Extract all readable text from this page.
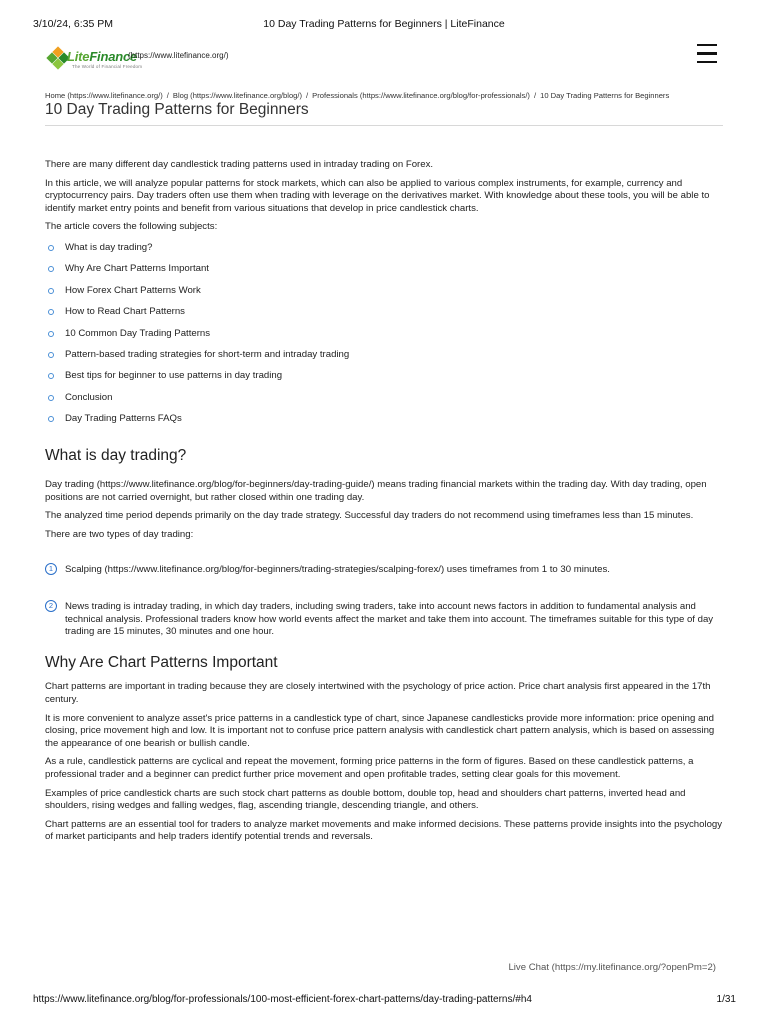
3/10/24, 6:35 PM	10 Day Trading Patterns for Beginners | LiteFinance
LiteFinance
The World of Financial Freedom
(https://www.litefinance.org/)
Home (https://www.litefinance.org/) / Blog (https://www.litefinance.org/blog/) / Professionals (https://www.litefinance.org/blog/for-professionals/) / 10 Day Trading Patterns for Beginners
10 Day Trading Patterns for Beginners

There are many different day candlestick trading patterns used in intraday trading on Forex.

In this article, we will analyze popular patterns for stock markets, which can also be applied to various complex instruments, for example, currency and cryptocurrency pairs. Day traders often use them when trading with leverage on the derivatives market. With knowledge about these tools, you will be able to identify market entry points and benefit from various situations that develop in price candlestick charts.

The article covers the following subjects:

What is day trading?
Why Are Chart Patterns Important
How Forex Chart Patterns Work
How to Read Chart Patterns
10 Common Day Trading Patterns
Pattern-based trading strategies for short-term and intraday trading
Best tips for beginner to use patterns in day trading
Conclusion
Day Trading Patterns FAQs
What is day trading?

Day trading (https://www.litefinance.org/blog/for-beginners/day-trading-guide/) means trading financial markets within the trading day. With day trading, open positions are not carried overnight, but rather closed within one trading day.

The analyzed time period depends primarily on the day trade strategy. Successful day traders do not recommend using timeframes less than 15 minutes.

There are two types of day trading:

1	Scalping (https://www.litefinance.org/blog/for-beginners/trading-strategies/scalping-forex/) uses timeframes from 1 to 30 minutes.
2	News trading is intraday trading, in which day traders, including swing traders, take into account news factors in addition to fundamental analysis and technical analysis. Professional traders know how world events affect the market and take them into account. The timeframes suitable for this type of day trading are 15 minutes, 30 minutes and one hour.
Why Are Chart Patterns Important

Chart patterns are important in trading because they are closely intertwined with the psychology of price action. Price chart analysis first appeared in the 17th century.

It is more convenient to analyze asset's price patterns in a candlestick type of chart, since Japanese candlesticks provide more information: price opening and closing, price movement high and low. It is important not to confuse price pattern analysis with candlestick chart pattern analysis, which is based on assessing the appearance of one bearish or bullish candle.

As a rule, candlestick patterns are cyclical and repeat the movement, forming price patterns in the form of figures. Based on these candlestick patterns, a professional trader and a beginner can predict further price movement and open profitable trades, setting clear goals for this movement.

Examples of price candlestick charts are such stock chart patterns as double bottom, double top, head and shoulders chart patterns, inverted head and shoulders, rising wedges and falling wedges, flag, ascending triangle, descending triangle, and others.

Chart patterns are an essential tool for traders to analyze market movements and make informed decisions. These patterns provide insights into the psychology of market participants and help traders identify potential trends and reversals.

Live Chat (https://my.litefinance.org/?openPm=2)
https://www.litefinance.org/blog/for-professionals/100-most-efficient-forex-chart-patterns/day-trading-patterns/#h4	1/31
